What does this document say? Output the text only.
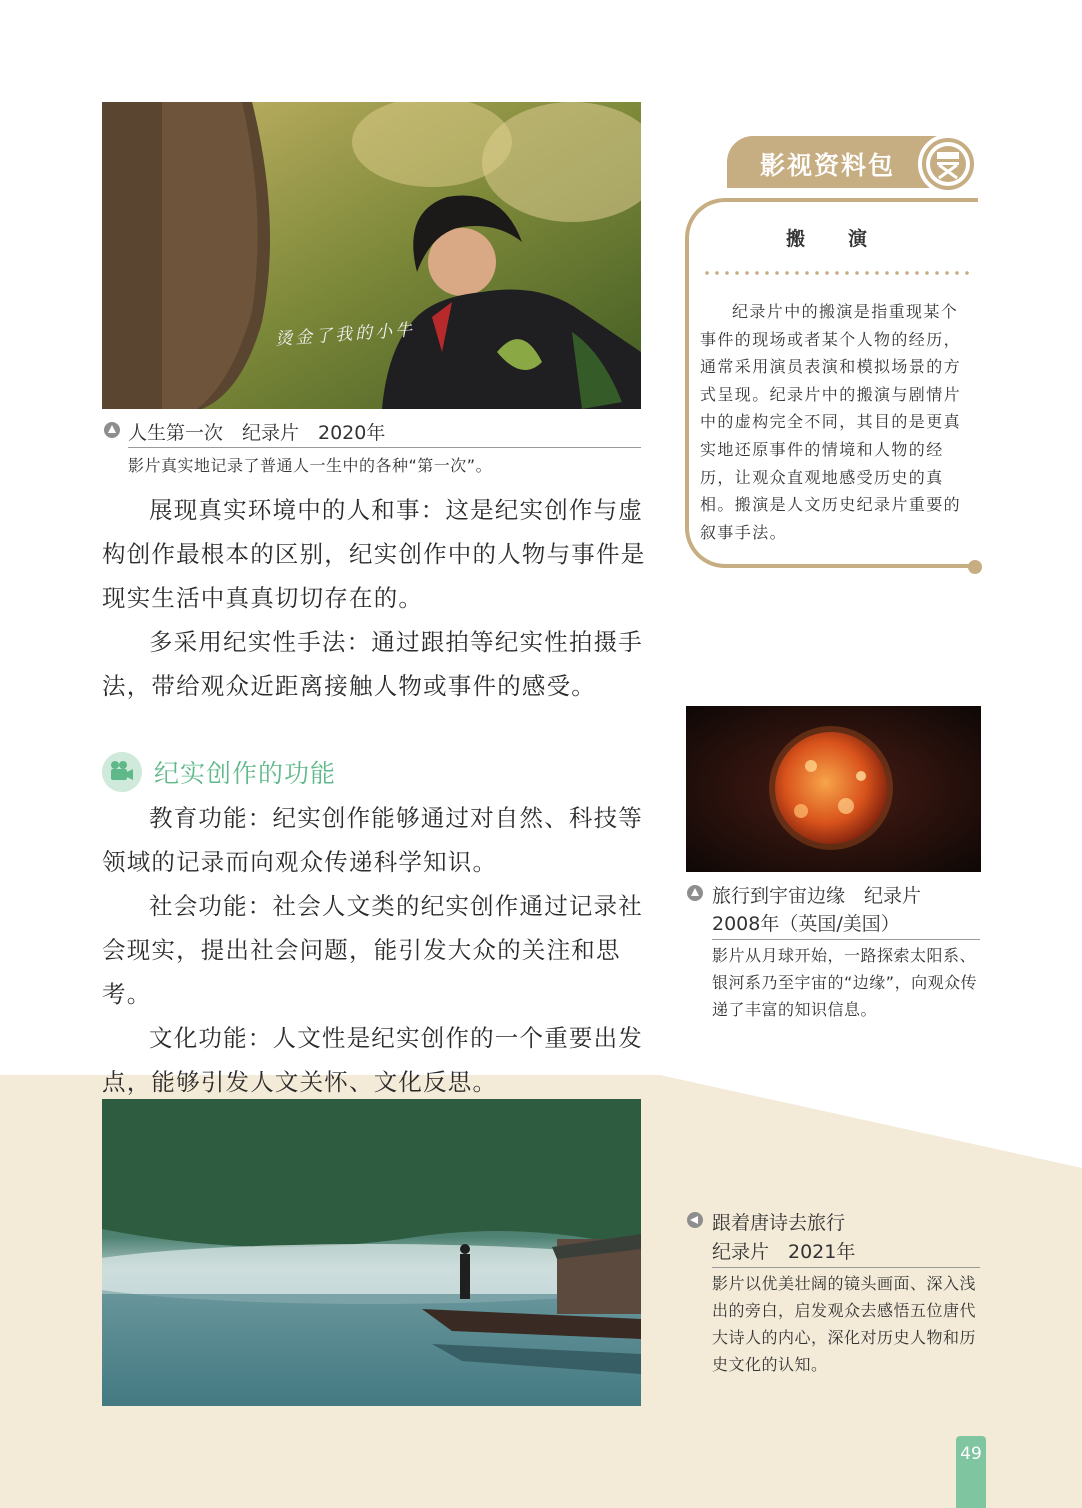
烫金了我的小牛
人生第一次　纪录片　2020年
影片真实地记录了普通人一生中的各种“第一次”。

展现真实环境中的人和事：这是纪实创作与虚构创作最根本的区别，纪实创作中的人物与事件是现实生活中真真切切存在的。

多采用纪实性手法：通过跟拍等纪实性拍摄手法，带给观众近距离接触人物或事件的感受。

纪实创作的功能

教育功能：纪实创作能够通过对自然、科技等领域的记录而向观众传递科学知识。

社会功能：社会人文类的纪实创作通过记录社会现实，提出社会问题，能引发大众的关注和思考。

文化功能：人文性是纪实创作的一个重要出发点，能够引发人文关怀、文化反思。

影视资料包
搬　演
纪录片中的搬演是指重现某个事件的现场或者某个人物的经历，通常采用演员表演和模拟场景的方式呈现。纪录片中的搬演与剧情片中的虚构完全不同，其目的是更真实地还原事件的情境和人物的经历，让观众直观地感受历史的真相。搬演是人文历史纪录片重要的叙事手法。
旅行到宇宙边缘　纪录片
2008年（英国/美国）
影片从月球开始，一路探索太阳系、银河系乃至宇宙的“边缘”，向观众传递了丰富的知识信息。
跟着唐诗去旅行
纪录片　2021年
影片以优美壮阔的镜头画面、深入浅出的旁白，启发观众去感悟五位唐代大诗人的内心，深化对历史人物和历史文化的认知。
49
